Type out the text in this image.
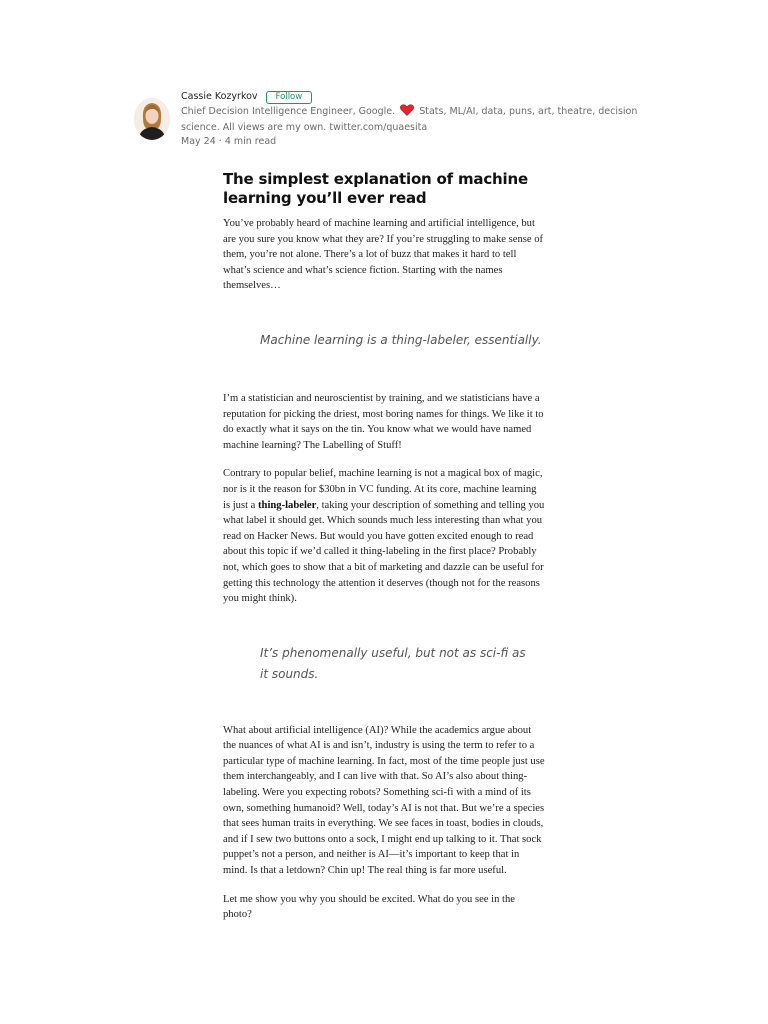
Cassie Kozyrkov	Follow
Chief Decision Intelligence Engineer, Google.	Stats, ML/AI, data, puns, art, theatre, decision science. All views are my own. twitter.com/quaesita
May 24 · 4 min read
The simplest explanation of machine learning you’ll ever read

You’ve probably heard of machine learning and artificial intelligence, but are you sure you know what they are? If you’re struggling to make sense of them, you’re not alone. There’s a lot of buzz that makes it hard to tell what’s science and what’s science fiction. Starting with the names themselves…

Machine learning is a thing-labeler, essentially.

I’m a statistician and neuroscientist by training, and we statisticians have a reputation for picking the driest, most boring names for things. We like it to do exactly what it says on the tin. You know what we would have named machine learning? The Labelling of Stuff!

Contrary to popular belief, machine learning is not a magical box of magic, nor is it the reason for $30bn in VC funding. At its core, machine learning is just a thing-labeler, taking your description of something and telling you what label it should get. Which sounds much less interesting than what you read on Hacker News. But would you have gotten excited enough to read about this topic if we’d called it thing-labeling in the first place? Probably not, which goes to show that a bit of marketing and dazzle can be useful for getting this technology the attention it deserves (though not for the reasons you might think).

It’s phenomenally useful, but not as sci-fi as
it sounds.

What about artificial intelligence (AI)? While the academics argue about the nuances of what AI is and isn’t, industry is using the term to refer to a particular type of machine learning. In fact, most of the time people just use them interchangeably, and I can live with that. So AI’s also about thing-labeling. Were you expecting robots? Something sci-fi with a mind of its own, something humanoid? Well, today’s AI is not that. But we’re a species that sees human traits in everything. We see faces in toast, bodies in clouds, and if I sew two buttons onto a sock, I might end up talking to it. That sock puppet’s not a person, and neither is AI—it’s important to keep that in mind. Is that a letdown? Chin up! The real thing is far more useful.

Let me show you why you should be excited. What do you see in the photo?
